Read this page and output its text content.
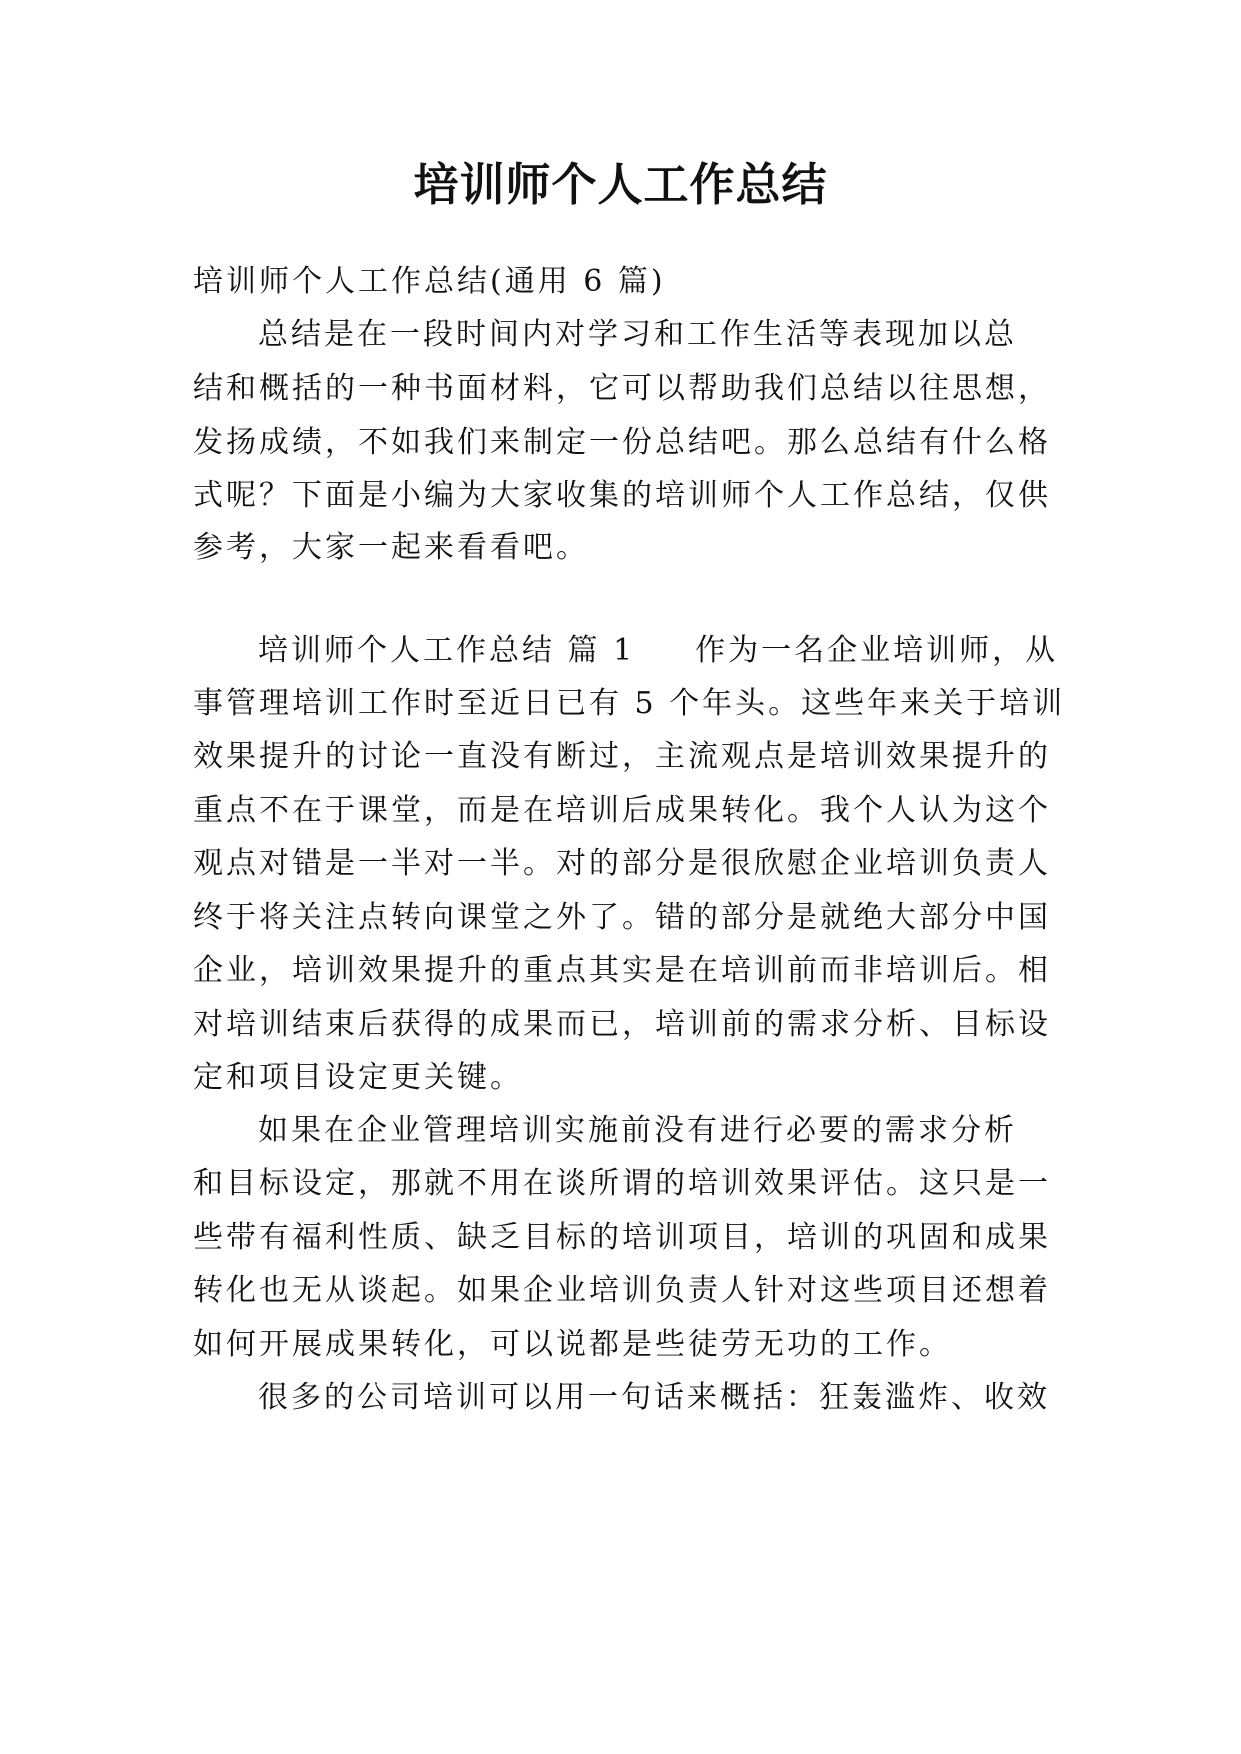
培训师个人工作总结
培训师个人工作总结(通用 6 篇)
总结是在一段时间内对学习和工作生活等表现加以总
结和概括的一种书面材料，它可以帮助我们总结以往思想，
发扬成绩，不如我们来制定一份总结吧。那么总结有什么格
式呢？下面是小编为大家收集的培训师个人工作总结，仅供
参考，大家一起来看看吧。
培训师个人工作总结 篇 1 作为一名企业培训师，从
事管理培训工作时至近日已有 5 个年头。这些年来关于培训
效果提升的讨论一直没有断过，主流观点是培训效果提升的
重点不在于课堂，而是在培训后成果转化。我个人认为这个
观点对错是一半对一半。对的部分是很欣慰企业培训负责人
终于将关注点转向课堂之外了。错的部分是就绝大部分中国
企业，培训效果提升的重点其实是在培训前而非培训后。相
对培训结束后获得的成果而已，培训前的需求分析、目标设
定和项目设定更关键。
如果在企业管理培训实施前没有进行必要的需求分析
和目标设定，那就不用在谈所谓的培训效果评估。这只是一
些带有福利性质、缺乏目标的培训项目，培训的巩固和成果
转化也无从谈起。如果企业培训负责人针对这些项目还想着
如何开展成果转化，可以说都是些徒劳无功的工作。
很多的公司培训可以用一句话来概括：狂轰滥炸、收效
